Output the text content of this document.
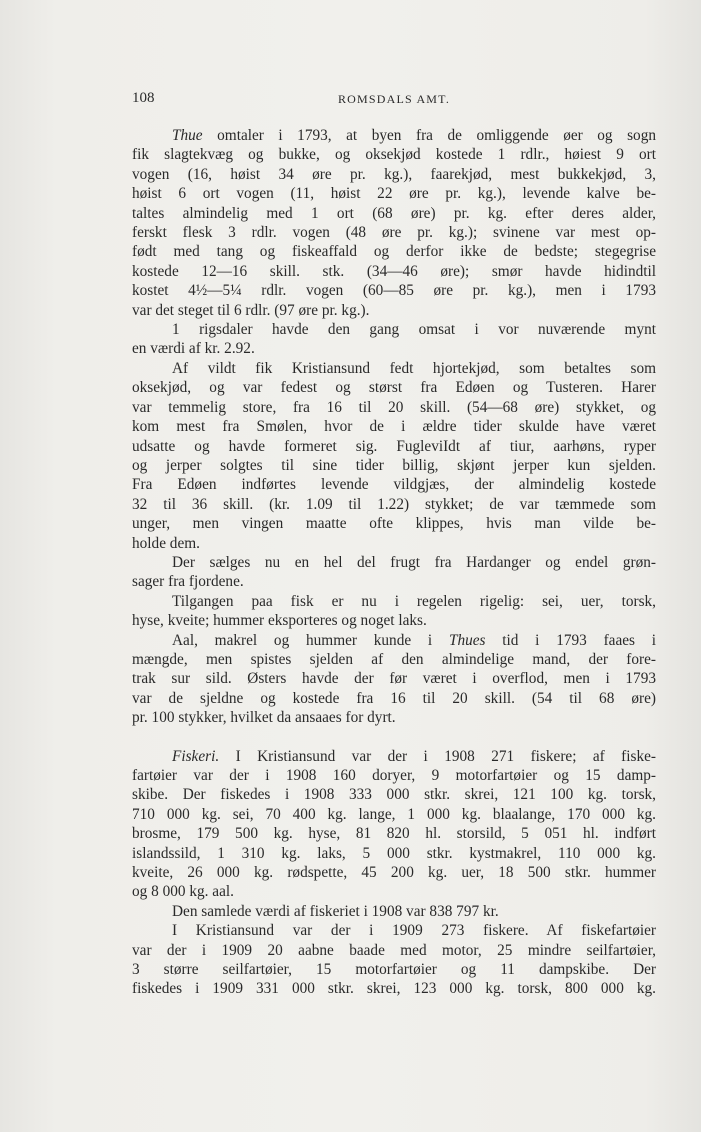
108	ROMSDALS AMT.
Thue omtaler i 1793, at byen fra de omliggende øer og sogn
fik slagtekvæg og bukke, og oksekjød kostede 1 rdlr., høiest 9 ort
vogen (16, høist 34 øre pr. kg.), faarekjød, mest bukkekjød, 3,
høist 6 ort vogen (11, høist 22 øre pr. kg.), levende kalve be-
taltes almindelig med 1 ort (68 øre) pr. kg. efter deres alder,
ferskt flesk 3 rdlr. vogen (48 øre pr. kg.); svinene var mest op-
født med tang og fiskeaffald og derfor ikke de bedste; stegegrise
kostede 12—16 skill. stk. (34—46 øre); smør havde hidindtil
kostet 4½—5¼ rdlr. vogen (60—85 øre pr. kg.), men i 1793
var det steget til 6 rdlr. (97 øre pr. kg.).
1 rigsdaler havde den gang omsat i vor nuværende mynt
en værdi af kr. 2.92.
Af vildt fik Kristiansund fedt hjortekjød, som betaltes som
oksekjød, og var fedest og størst fra Edøen og Tusteren. Harer
var temmelig store, fra 16 til 20 skill. (54—68 øre) stykket, og
kom mest fra Smølen, hvor de i ældre tider skulde have været
udsatte og havde formeret sig. FugleviIdt af tiur, aarhøns, ryper
og jerper solgtes til sine tider billig, skjønt jerper kun sjelden.
Fra Edøen indførtes levende vildgjæs, der almindelig kostede
32 til 36 skill. (kr. 1.09 til 1.22) stykket; de var tæmmede som
unger, men vingen maatte ofte klippes, hvis man vilde be-
holde dem.
Der sælges nu en hel del frugt fra Hardanger og endel grøn-
sager fra fjordene.
Tilgangen paa fisk er nu i regelen rigelig: sei, uer, torsk,
hyse, kveite; hummer eksporteres og noget laks.
Aal, makrel og hummer kunde i Thues tid i 1793 faaes i
mængde, men spistes sjelden af den almindelige mand, der fore-
trak sur sild. Østers havde der før været i overflod, men i 1793
var de sjeldne og kostede fra 16 til 20 skill. (54 til 68 øre)
pr. 100 stykker, hvilket da ansaaes for dyrt.
Fiskeri. I Kristiansund var der i 1908 271 fiskere; af fiske-
fartøier var der i 1908 160 doryer, 9 motorfartøier og 15 damp-
skibe. Der fiskedes i 1908 333 000 stkr. skrei, 121 100 kg. torsk,
710 000 kg. sei, 70 400 kg. lange, 1 000 kg. blaalange, 170 000 kg.
brosme, 179 500 kg. hyse, 81 820 hl. storsild, 5 051 hl. indført
islandssild, 1 310 kg. laks, 5 000 stkr. kystmakrel, 110 000 kg.
kveite, 26 000 kg. rødspette, 45 200 kg. uer, 18 500 stkr. hummer
og 8 000 kg. aal.
Den samlede værdi af fiskeriet i 1908 var 838 797 kr.
I Kristiansund var der i 1909 273 fiskere. Af fiskefartøier
var der i 1909 20 aabne baade med motor, 25 mindre seilfartøier,
3 større seilfartøier, 15 motorfartøier og 11 dampskibe. Der
fiskedes i 1909 331 000 stkr. skrei, 123 000 kg. torsk, 800 000 kg.
